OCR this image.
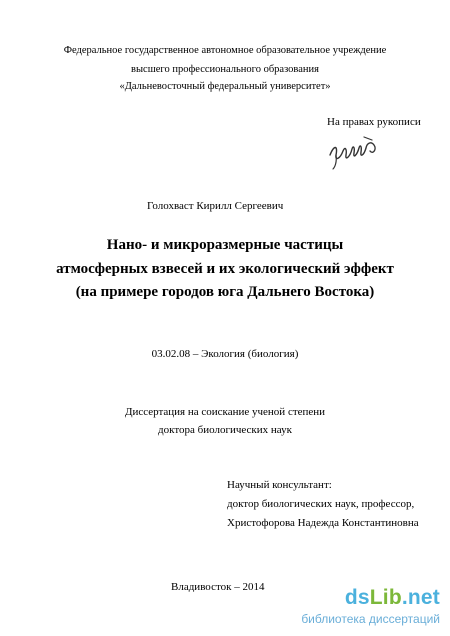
Федеральное государственное автономное образовательное учреждение
высшего профессионального образования
«Дальневосточный федеральный университет»
На правах рукописи
Голохваст Кирилл Сергеевич
Нано- и микроразмерные частицы
атмосферных взвесей и их экологический эффект
(на примере городов юга Дальнего Востока)
03.02.08 – Экология (биология)
Диссертация на соискание ученой степени
доктора биологических наук
Научный консультант:
доктор биологических наук, профессор,
Христофорова Надежда Константиновна
Владивосток – 2014	dsLib.net
библиотека диссертаций
